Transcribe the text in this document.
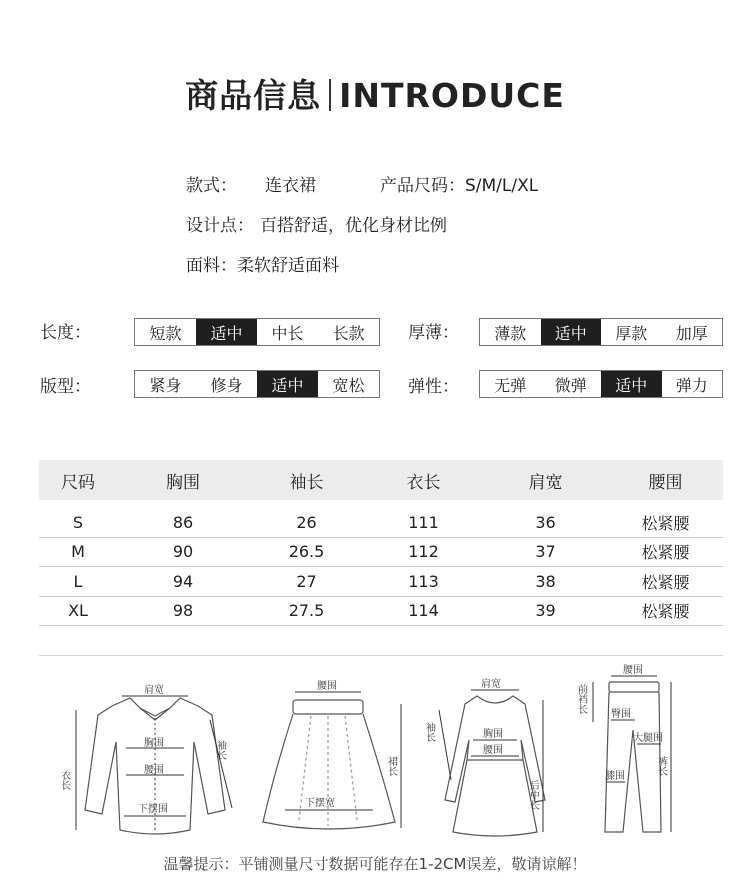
商品信息 INTRODUCE
款式： 连衣裙	产品尺码：S/M/L/XL
设计点： 百搭舒适，优化身材比例
面料：柔软舒适面料
长度：	短款	适中	中长	长款	厚薄：	薄款	适中	厚款	加厚
版型：	紧身	修身	适中	宽松	弹性：	无弹	微弹	适中	弹力
尺码	胸围	袖长	衣长	肩宽	腰围
S	86	26	111	36	松紧腰
M	90	26.5	112	37	松紧腰
L	94	27	113	38	松紧腰
XL	98	27.5	114	39	松紧腰
肩宽
胸围
腰围
下摆围
衣长
袖长
腰围
下摆宽
裙长
肩宽
胸围
腰围
袖长
后中长
腰围
前裆长
臀围
大腿围
膝围
裤长
温馨提示：平铺测量尺寸数据可能存在1-2CM误差，敬请谅解！
